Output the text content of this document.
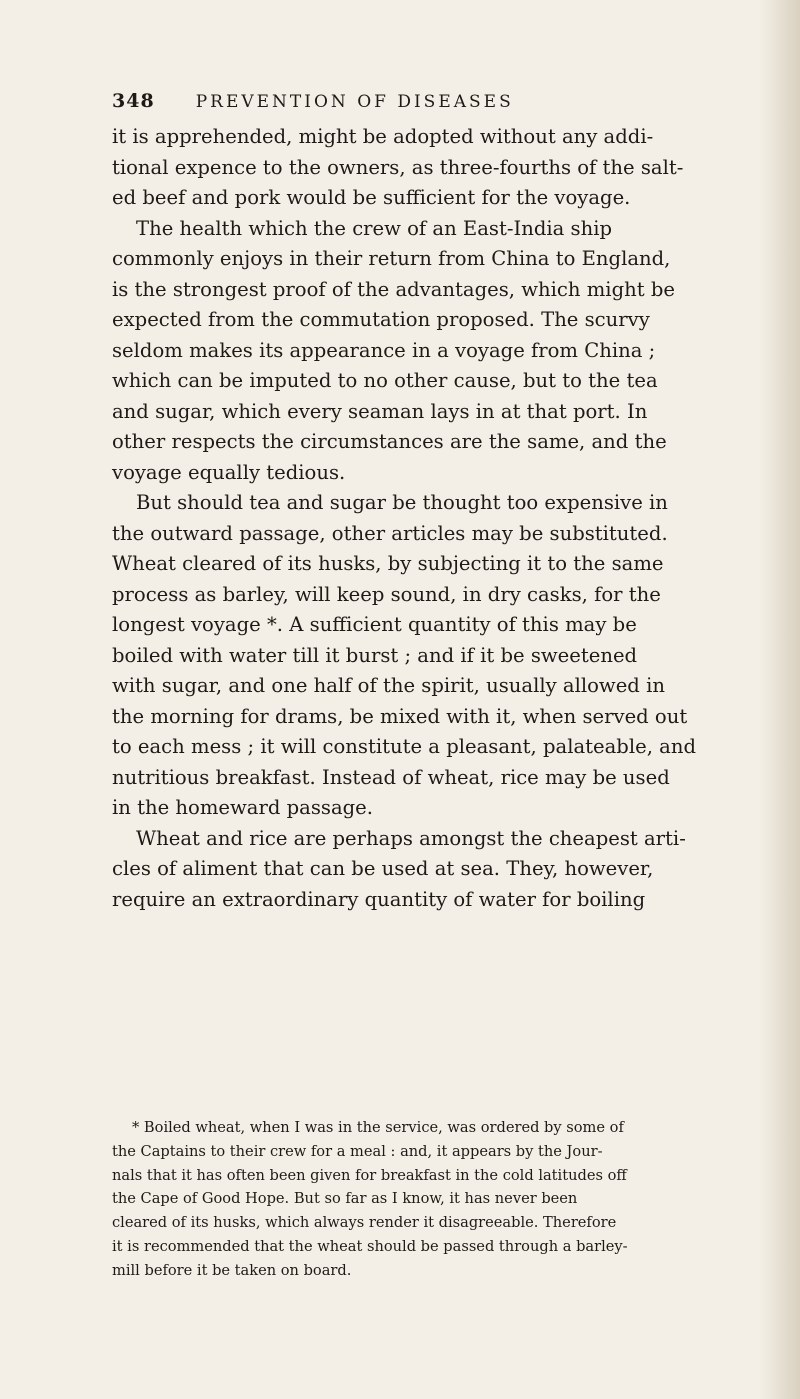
348 PREVENTION OF DISEASES
it is apprehended, might be adopted without any addi-
tional expence to the owners, as three-fourths of the salt-
ed beef and pork would be sufficient for the voyage.
The health which the crew of an East-India ship
commonly enjoys in their return from China to England,
is the strongest proof of the advantages, which might be
expected from the commutation proposed. The scurvy
seldom makes its appearance in a voyage from China ;
which can be imputed to no other cause, but to the tea
and sugar, which every seaman lays in at that port. In
other respects the circumstances are the same, and the
voyage equally tedious.
But should tea and sugar be thought too expensive in
the outward passage, other articles may be substituted.
Wheat cleared of its husks, by subjecting it to the same
process as barley, will keep sound, in dry casks, for the
longest voyage *. A sufficient quantity of this may be
boiled with water till it burst ; and if it be sweetened
with sugar, and one half of the spirit, usually allowed in
the morning for drams, be mixed with it, when served out
to each mess ; it will constitute a pleasant, palateable, and
nutritious breakfast. Instead of wheat, rice may be used
in the homeward passage.
Wheat and rice are perhaps amongst the cheapest arti-
cles of aliment that can be used at sea. They, however,
require an extraordinary quantity of water for boiling
* Boiled wheat, when I was in the service, was ordered by some of
the Captains to their crew for a meal : and, it appears by the Jour-
nals that it has often been given for breakfast in the cold latitudes off
the Cape of Good Hope. But so far as I know, it has never been
cleared of its husks, which always render it disagreeable. Therefore
it is recommended that the wheat should be passed through a barley-
mill before it be taken on board.
